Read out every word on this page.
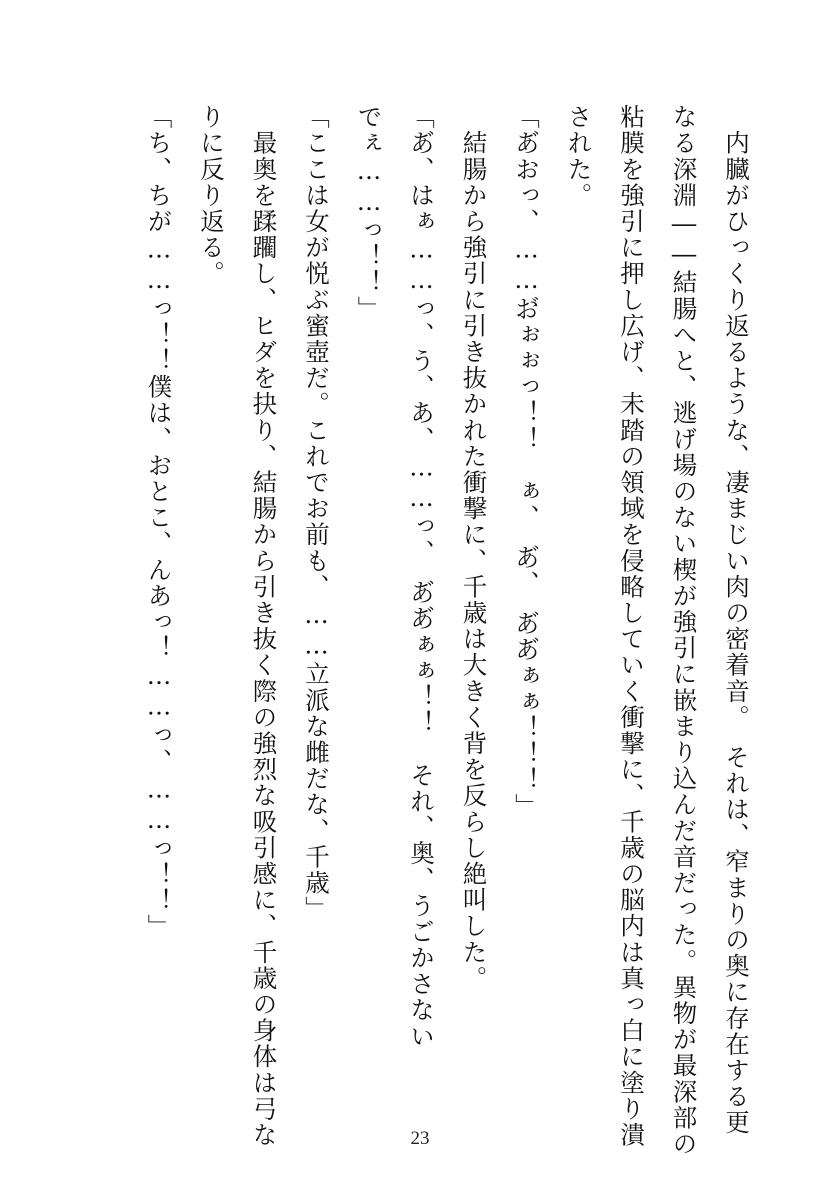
　内臓がひっくり返るような、凄まじい肉の密着音。　それは、窄まりの奥に存在する更

なる深淵――結腸へと、逃げ場のない楔が強引に嵌まり込んだ音だった。異物が最深部の

粘膜を強引に押し広げ、未踏の領域を侵略していく衝撃に、千歳の脳内は真っ白に塗り潰

された。

「あ゙おっ、……お゙ぉぉっ！！　ぁ、　あ゙、　あ゙あ゙ぁぁ！！！」

　結腸から強引に引き抜かれた衝撃に、千歳は大きく背を反らし絶叫した。

「あ゙、はぁ……っ、う、あ、……っ、　あ゙あ゙ぁぁ！！　それ、奥、うごかさない

でぇ……っ！！」

「ここは女が悦ぶ蜜壺だ。これでお前も、……立派な雌だな、千歳」

　最奥を蹂躙し、ヒダを抉り、結腸から引き抜く際の強烈な吸引感に、千歳の身体は弓な

りに反り返る。

「ち、ちが……っ！！僕は、おとこ、んあっ！……っ、……っ！！」

23
